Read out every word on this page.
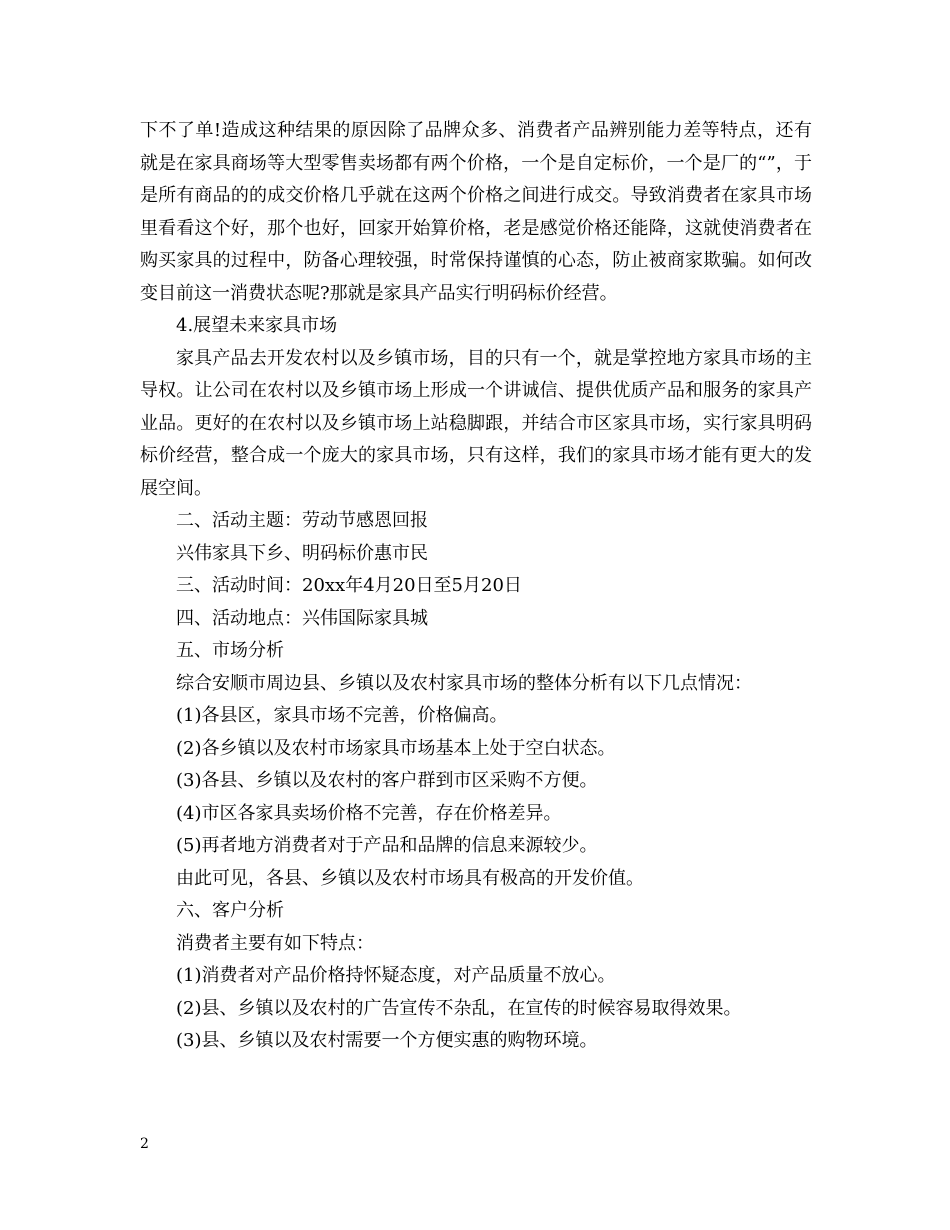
下不了单!造成这种结果的原因除了品牌众多、消费者产品辨别能力差等特点，还有就是在家具商场等大型零售卖场都有两个价格，一个是自定标价，一个是厂的“”，于是所有商品的的成交价格几乎就在这两个价格之间进行成交。导致消费者在家具市场里看看这个好，那个也好，回家开始算价格，老是感觉价格还能降，这就使消费者在购买家具的过程中，防备心理较强，时常保持谨慎的心态，防止被商家欺骗。如何改变目前这一消费状态呢?那就是家具产品实行明码标价经营。

4.展望未来家具市场

家具产品去开发农村以及乡镇市场，目的只有一个，就是掌控地方家具市场的主导权。让公司在农村以及乡镇市场上形成一个讲诚信、提供优质产品和服务的家具产业品。更好的在农村以及乡镇市场上站稳脚跟，并结合市区家具市场，实行家具明码标价经营，整合成一个庞大的家具市场，只有这样，我们的家具市场才能有更大的发展空间。

二、活动主题：劳动节感恩回报

兴伟家具下乡、明码标价惠市民

三、活动时间：20xx年4月20日至5月20日

四、活动地点：兴伟国际家具城

五、市场分析

综合安顺市周边县、乡镇以及农村家具市场的整体分析有以下几点情况：

(1)各县区，家具市场不完善，价格偏高。

(2)各乡镇以及农村市场家具市场基本上处于空白状态。

(3)各县、乡镇以及农村的客户群到市区采购不方便。

(4)市区各家具卖场价格不完善，存在价格差异。

(5)再者地方消费者对于产品和品牌的信息来源较少。

由此可见，各县、乡镇以及农村市场具有极高的开发价值。

六、客户分析

消费者主要有如下特点：

(1)消费者对产品价格持怀疑态度，对产品质量不放心。

(2)县、乡镇以及农村的广告宣传不杂乱，在宣传的时候容易取得效果。

(3)县、乡镇以及农村需要一个方便实惠的购物环境。

2
